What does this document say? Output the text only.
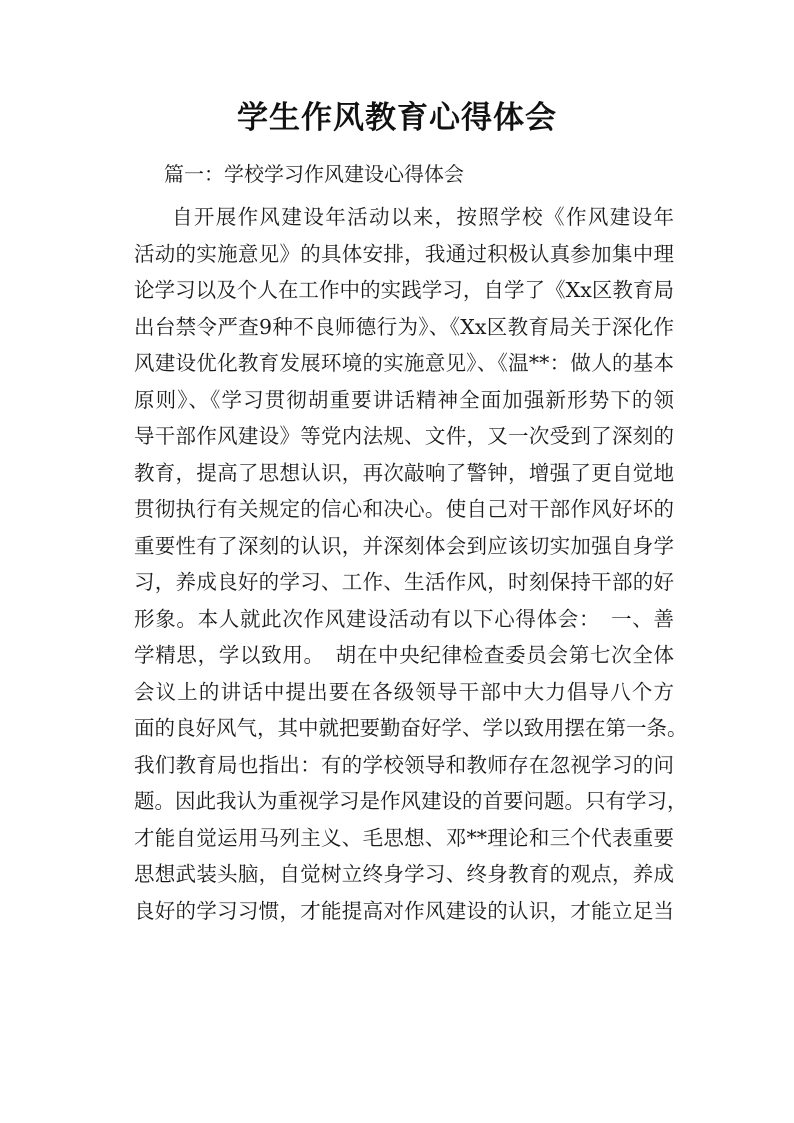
学生作风教育心得体会
篇一：学校学习作风建设心得体会
自开展作风建设年活动以来，按照学校《作风建设年
活动的实施意见》的具体安排，我通过积极认真参加集中理
论学习以及个人在工作中的实践学习，自学了《Xx区教育局
出台禁令严查9种不良师德行为》、《Xx区教育局关于深化作
风建设优化教育发展环境的实施意见》、《温**：做人的基本
原则》、《学习贯彻胡重要讲话精神全面加强新形势下的领
导干部作风建设》等党内法规、文件，又一次受到了深刻的
教育，提高了思想认识，再次敲响了警钟，增强了更自觉地
贯彻执行有关规定的信心和决心。使自己对干部作风好坏的
重要性有了深刻的认识，并深刻体会到应该切实加强自身学
习，养成良好的学习、工作、生活作风，时刻保持干部的好
形象。本人就此次作风建设活动有以下心得体会：　一、善
学精思，学以致用。　胡在中央纪律检查委员会第七次全体
会议上的讲话中提出要在各级领导干部中大力倡导八个方
面的良好风气，其中就把要勤奋好学、学以致用摆在第一条。
我们教育局也指出：有的学校领导和教师存在忽视学习的问
题。因此我认为重视学习是作风建设的首要问题。只有学习，
才能自觉运用马列主义、毛思想、邓**理论和三个代表重要
思想武装头脑，自觉树立终身学习、终身教育的观点，养成
良好的学习习惯，才能提高对作风建设的认识，才能立足当
